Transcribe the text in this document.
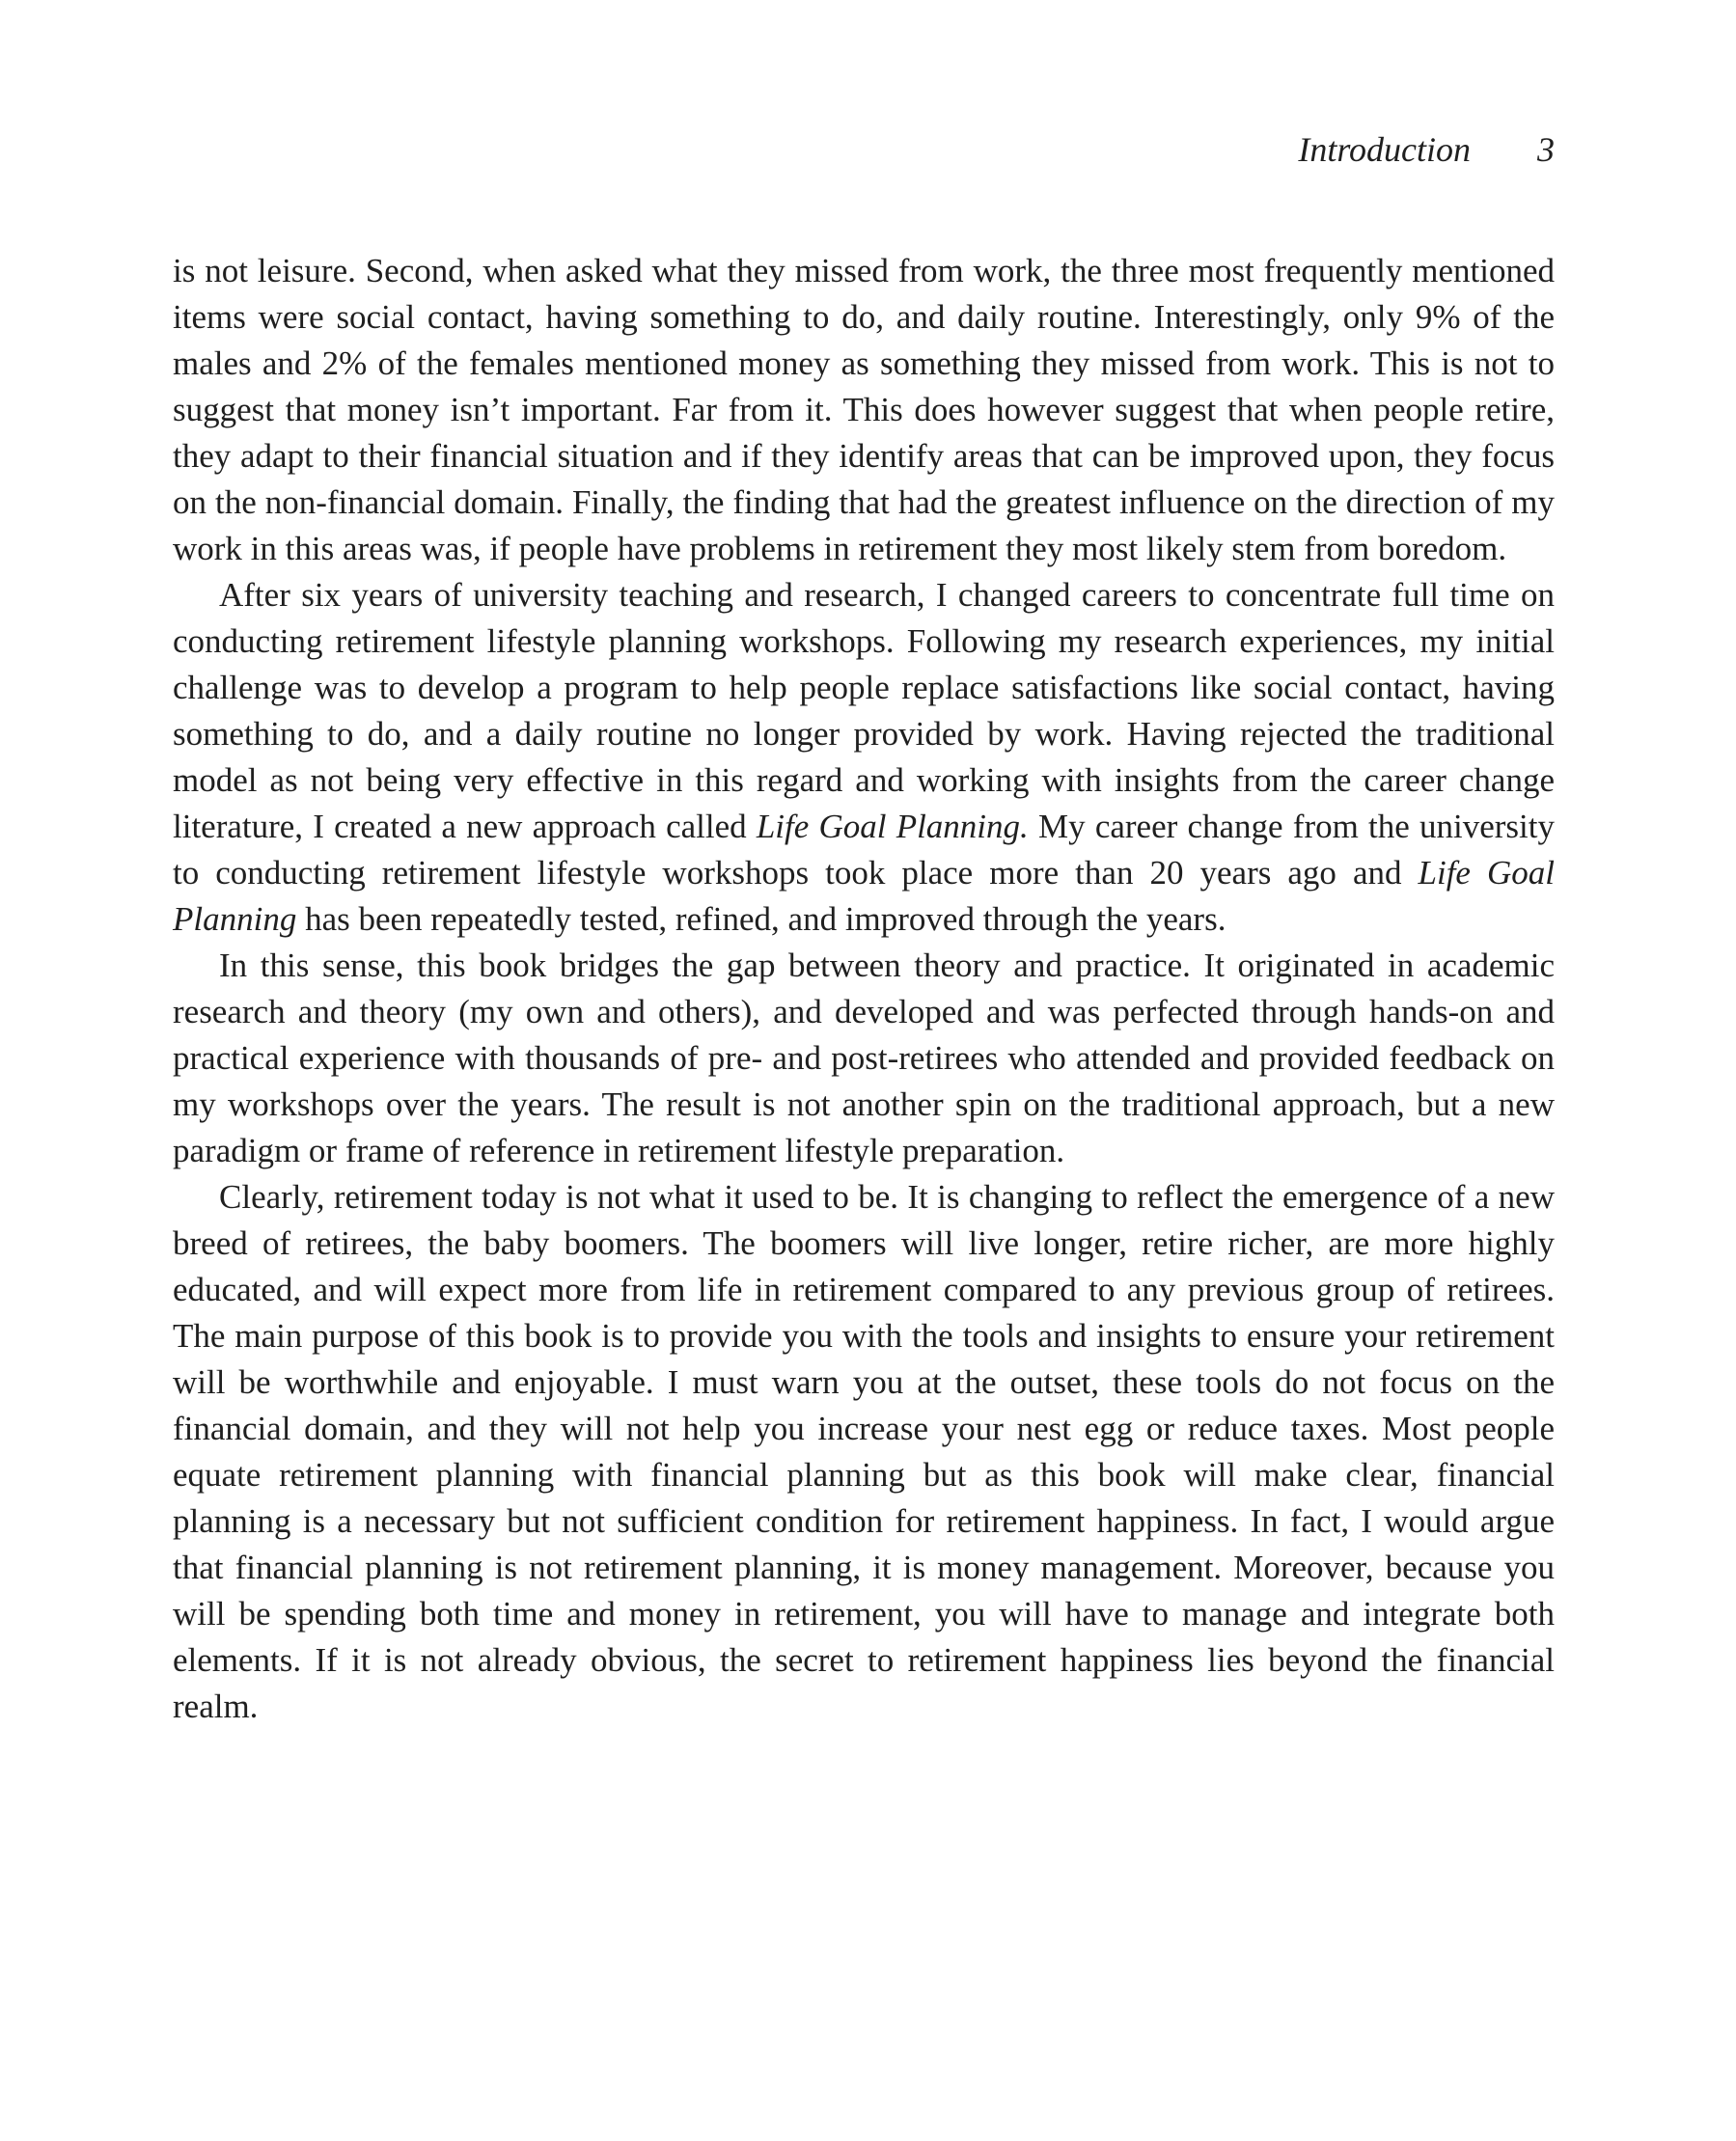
Introduction 3

is not leisure. Second, when asked what they missed from work, the three most frequently mentioned items were social contact, having something to do, and daily routine. Interestingly, only 9% of the males and 2% of the females mentioned money as something they missed from work. This is not to suggest that money isn’t important. Far from it. This does however suggest that when people retire, they adapt to their financial situation and if they identify areas that can be improved upon, they focus on the non-financial domain. Finally, the finding that had the greatest influence on the direction of my work in this areas was, if people have problems in retirement they most likely stem from boredom.

After six years of university teaching and research, I changed careers to concentrate full time on conducting retirement lifestyle planning workshops. Following my research experiences, my initial challenge was to develop a program to help people replace satisfactions like social contact, having something to do, and a daily routine no longer provided by work. Having rejected the traditional model as not being very effective in this regard and working with insights from the career change literature, I created a new approach called Life Goal Planning. My career change from the university to conducting retirement lifestyle workshops took place more than 20 years ago and Life Goal Planning has been repeatedly tested, refined, and improved through the years.

In this sense, this book bridges the gap between theory and practice. It originated in academic research and theory (my own and others), and developed and was perfected through hands-on and practical experience with thousands of pre- and post-retirees who attended and provided feedback on my workshops over the years. The result is not another spin on the traditional approach, but a new paradigm or frame of reference in retirement lifestyle preparation.

Clearly, retirement today is not what it used to be. It is changing to reflect the emergence of a new breed of retirees, the baby boomers. The boomers will live longer, retire richer, are more highly educated, and will expect more from life in retirement compared to any previous group of retirees. The main purpose of this book is to provide you with the tools and insights to ensure your retirement will be worthwhile and enjoyable. I must warn you at the outset, these tools do not focus on the financial domain, and they will not help you increase your nest egg or reduce taxes. Most people equate retirement planning with financial planning but as this book will make clear, financial planning is a necessary but not sufficient condition for retirement happiness. In fact, I would argue that financial planning is not retirement planning, it is money management. Moreover, because you will be spending both time and money in retirement, you will have to manage and integrate both elements. If it is not already obvious, the secret to retirement happiness lies beyond the financial realm.
